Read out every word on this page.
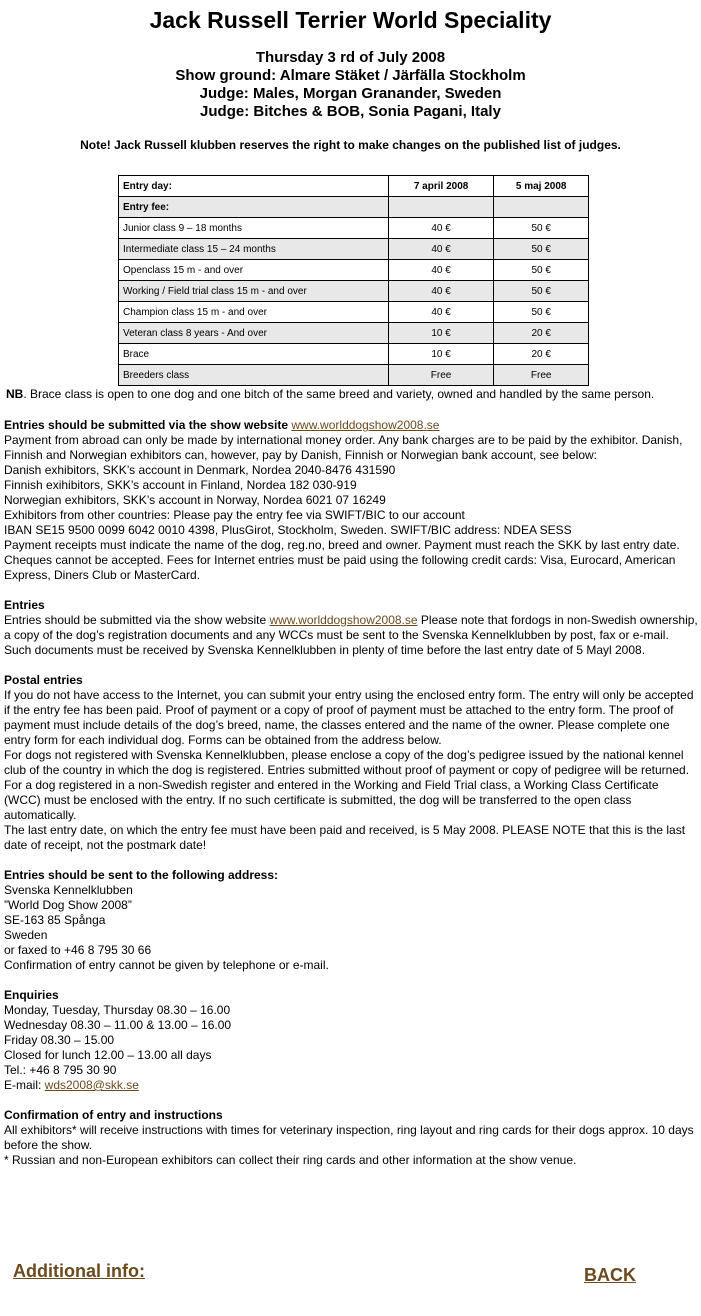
Jack Russell Terrier World Speciality
Thursday 3 rd of July 2008
Show ground: Almare Stäket / Järfälla Stockholm
Judge: Males, Morgan Granander, Sweden
Judge: Bitches & BOB, Sonia Pagani, Italy
Note! Jack Russell klubben reserves the right to make changes on the published list of judges.
Entry day:	7 april 2008	5 maj 2008
Entry fee:		
Junior class 9 – 18 months	40 €	50 €
Intermediate class 15 – 24 months	40 €	50 €
Openclass 15 m - and over	40 €	50 €
Working / Field trial class 15 m - and over	40 €	50 €
Champion class 15 m - and over	40 €	50 €
Veteran class 8 years - And over	10 €	20 €
Brace	10 €	20 €
Breeders class	Free	Free
NB. Brace class is open to one dog and one bitch of the same breed and variety, owned and handled by the same person.

Entries should be submitted via the show website www.worlddogshow2008.se

Payment from abroad can only be made by international money order. Any bank charges are to be paid by the exhibitor. Danish, Finnish and Norwegian exhibitors can, however, pay by Danish, Finnish or Norwegian bank account, see below:

Danish exhibitors, SKK’s account in Denmark, Nordea 2040-8476 431590

Finnish exihibitors, SKK’s account in Finland, Nordea 182 030-919

Norwegian exhibitors, SKK’s account in Norway, Nordea 6021 07 16249

Exhibitors from other countries: Please pay the entry fee via SWIFT/BIC to our account

IBAN SE15 9500 0099 6042 0010 4398, PlusGirot, Stockholm, Sweden. SWIFT/BIC address: NDEA SESS

Payment receipts must indicate the name of the dog, reg.no, breed and owner. Payment must reach the SKK by last entry date.

Cheques cannot be accepted. Fees for Internet entries must be paid using the following credit cards: Visa, Eurocard, American Express, Diners Club or MasterCard.

Entries

Entries should be submitted via the show website www.worlddogshow2008.se Please note that fordogs in non-Swedish ownership, a copy of the dog’s registration documents and any WCCs must be sent to the Svenska Kennelklubben by post, fax or e-mail. Such documents must be received by Svenska Kennelklubben in plenty of time before the last entry date of 5 Mayl 2008.

Postal entries

If you do not have access to the Internet, you can submit your entry using the enclosed entry form. The entry will only be accepted if the entry fee has been paid. Proof of payment or a copy of proof of payment must be attached to the entry form. The proof of payment must include details of the dog’s breed, name, the classes entered and the name of the owner. Please complete one entry form for each individual dog. Forms can be obtained from the address below.

For dogs not registered with Svenska Kennelklubben, please enclose a copy of the dog’s pedigree issued by the national kennel club of the country in which the dog is registered. Entries submitted without proof of payment or copy of pedigree will be returned. For a dog registered in a non-Swedish register and entered in the Working and Field Trial class, a Working Class Certificate (WCC) must be enclosed with the entry. If no such certificate is submitted, the dog will be transferred to the open class automatically.

The last entry date, on which the entry fee must have been paid and received, is 5 May 2008. PLEASE NOTE that this is the last date of receipt, not the postmark date!

Entries should be sent to the following address:

Svenska Kennelklubben

”World Dog Show 2008”

SE-163 85 Spånga

Sweden

or faxed to +46 8 795 30 66

Confirmation of entry cannot be given by telephone or e-mail.

Enquiries

Monday, Tuesday, Thursday 08.30 – 16.00

Wednesday 08.30 – 11.00 & 13.00 – 16.00

Friday 08.30 – 15.00

Closed for lunch 12.00 – 13.00 all days

Tel.: +46 8 795 30 90

E-mail: wds2008@skk.se

Confirmation of entry and instructions

All exhibitors* will receive instructions with times for veterinary inspection, ring layout and ring cards for their dogs approx. 10 days before the show.

* Russian and non-European exhibitors can collect their ring cards and other information at the show venue.

Additional info:	BACK
